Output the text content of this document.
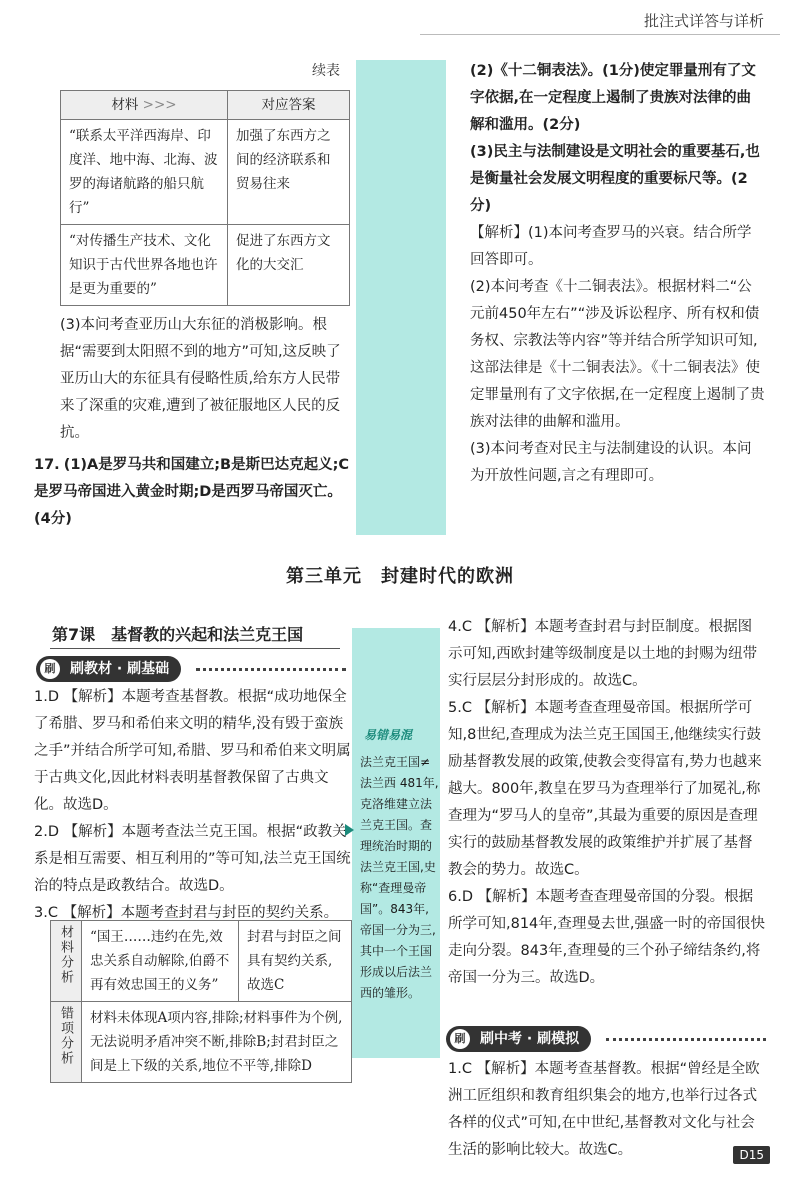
批注式详答与详析
续表
材料 >>>	对应答案
“联系太平洋西海岸、印度洋、地中海、北海、波罗的海诸航路的船只航行”	加强了东西方之间的经济联系和贸易往来
“对传播生产技术、文化知识于古代世界各地也许是更为重要的”	促进了东西方文化的大交汇

(3)本问考查亚历山大东征的消极影响。根据“需要到太阳照不到的地方”可知,这反映了亚历山大的东征具有侵略性质,给东方人民带来了深重的灾难,遭到了被征服地区人民的反抗。

17. (1)A是罗马共和国建立;B是斯巴达克起义;C是罗马帝国进入黄金时期;D是西罗马帝国灭亡。(4分)

(2)《十二铜表法》。(1分)使定罪量刑有了文字依据,在一定程度上遏制了贵族对法律的曲解和滥用。(2分)

(3)民主与法制建设是文明社会的重要基石,也是衡量社会发展文明程度的重要标尺等。(2分)

【解析】(1)本问考查罗马的兴衰。结合所学回答即可。

(2)本问考查《十二铜表法》。根据材料二“公元前450年左右”“涉及诉讼程序、所有权和债务权、宗教法等内容”等并结合所学知识可知,这部法律是《十二铜表法》。《十二铜表法》使定罪量刑有了文字依据,在一定程度上遏制了贵族对法律的曲解和滥用。

(3)本问考查对民主与法制建设的认识。本问为开放性问题,言之有理即可。

第三单元　封建时代的欧洲
第7课　基督教的兴起和法兰克王国
刷	刷教材 · 刷基础

1.D 【解析】本题考查基督教。根据“成功地保全了希腊、罗马和希伯来文明的精华,没有毁于蛮族之手”并结合所学可知,希腊、罗马和希伯来文明属于古典文化,因此材料表明基督教保留了古典文化。故选D。

2.D 【解析】本题考查法兰克王国。根据“政教关系是相互需要、相互利用的”等可知,法兰克王国统治的特点是政教结合。故选D。

3.C 【解析】本题考查封君与封臣的契约关系。

材料分析	“国王……违约在先,效忠关系自动解除,伯爵不再有效忠国王的义务”	封君与封臣之间具有契约关系,故选C

错项分析	材料未体现A项内容,排除;材料事件为个例,无法说明矛盾冲突不断,排除B;封君封臣之间是上下级的关系,地位不平等,排除D	
易错易混
法兰克王国≠法兰西 481年,克洛维建立法兰克王国。查理统治时期的法兰克王国,史称“查理曼帝国”。843年,帝国一分为三,其中一个王国形成以后法兰西的雏形。

4.C 【解析】本题考查封君与封臣制度。根据图示可知,西欧封建等级制度是以土地的封赐为纽带实行层层分封形成的。故选C。

5.C 【解析】本题考查查理曼帝国。根据所学可知,8世纪,查理成为法兰克王国国王,他继续实行鼓励基督教发展的政策,使教会变得富有,势力也越来越大。800年,教皇在罗马为查理举行了加冕礼,称查理为“罗马人的皇帝”,其最为重要的原因是查理实行的鼓励基督教发展的政策维护并扩展了基督教会的势力。故选C。

6.D 【解析】本题考查查理曼帝国的分裂。根据所学可知,814年,查理曼去世,强盛一时的帝国很快走向分裂。843年,查理曼的三个孙子缔结条约,将帝国一分为三。故选D。

刷	刷中考 · 刷模拟

1.C 【解析】本题考查基督教。根据“曾经是全欧洲工匠组织和教育组织集会的地方,也举行过各式各样的仪式”可知,在中世纪,基督教对文化与社会生活的影响比较大。故选C。	D15
